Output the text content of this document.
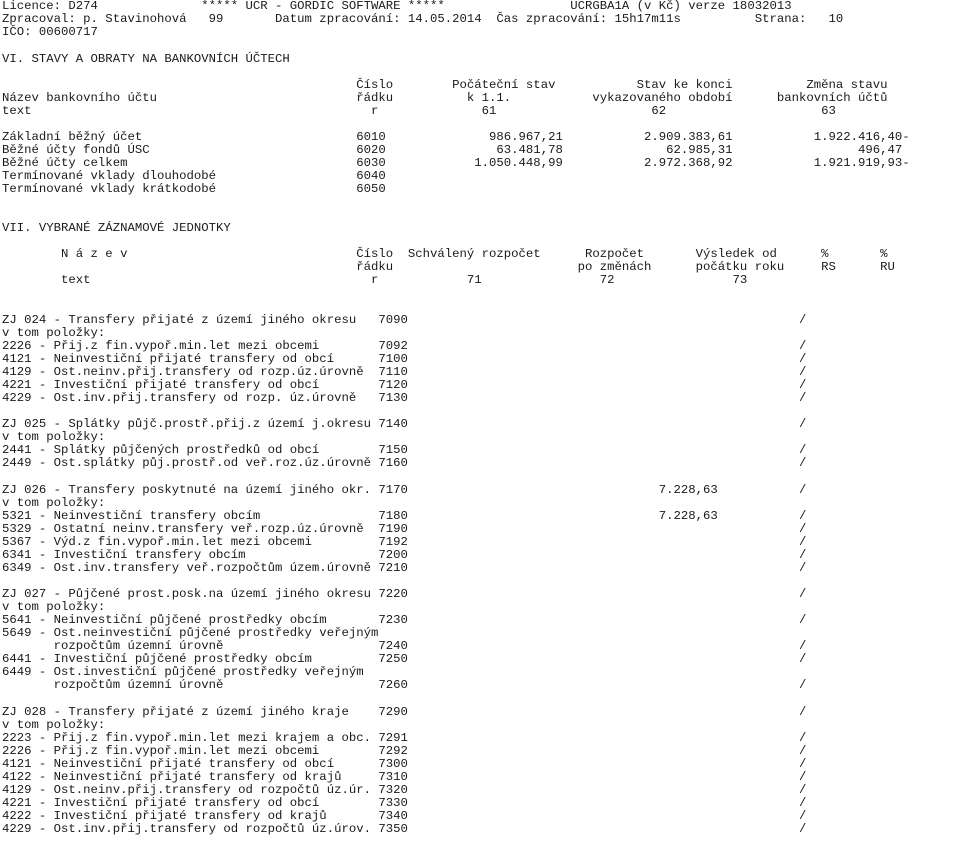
Licence: D274              ***** UCR - GORDIC SOFTWARE *****                 UCRGBA1A (v Kč) verze 18032013
Zpracoval: p. Stavinohová   99       Datum zpracování: 14.05.2014  Čas zpracování: 15h17m11s          Strana:   10
IČO: 00600717
VI. STAVY A OBRATY NA BANKOVNÍCH ÚČTECH
Číslo        Počáteční stav           Stav ke konci          Změna stavu
Název bankovního účtu                           řádku          k 1.1.           vykazovaného období      bankovních účtů
text                                              r              61                     62                     63
Základní běžný účet                             6010              986.967,21           2.909.383,61           1.922.416,40-
Běžné účty fondů ÚSC                            6020               63.481,78              62.985,31                 496,47
Běžné účty celkem                               6030            1.050.448,99           2.972.368,92           1.921.919,93-
Termínované vklady dlouhodobé                   6040
Termínované vklady krátkodobé                   6050
VII. VYBRANÉ ZÁZNAMOVÉ JEDNOTKY
N á z e v                               Číslo  Schválený rozpočet      Rozpočet       Výsledek od      %       %
řádku                         po změnách      počátku roku     RS      RU
text                                      r            71                72                73
ZJ 024 - Transfery přijaté z území jiného okresu   7090                                                     /
v tom položky:
2226 - Přij.z fin.vypoř.min.let mezi obcemi        7092                                                     /
4121 - Neinvestiční přijaté transfery od obcí      7100                                                     /
4129 - Ost.neinv.přij.transfery od rozp.úz.úrovně  7110                                                     /
4221 - Investiční přijaté transfery od obcí        7120                                                     /
4229 - Ost.inv.přij.transfery od rozp. úz.úrovně   7130                                                     /
ZJ 025 - Splátky půjč.prostř.přij.z území j.okresu 7140                                                     /
v tom položky:
2441 - Splátky půjčených prostředků od obcí        7150                                                     /
2449 - Ost.splátky půj.prostř.od veř.roz.úz.úrovně 7160                                                     /
ZJ 026 - Transfery poskytnuté na území jiného okr. 7170                                  7.228,63           /
v tom položky:
5321 - Neinvestiční transfery obcím                7180                                  7.228,63           /
5329 - Ostatní neinv.transfery veř.rozp.úz.úrovně  7190                                                     /
5367 - Výd.z fin.vypoř.min.let mezi obcemi         7192                                                     /
6341 - Investiční transfery obcím                  7200                                                     /
6349 - Ost.inv.transfery veř.rozpočtům územ.úrovně 7210                                                     /
ZJ 027 - Půjčené prost.posk.na území jiného okresu 7220                                                     /
v tom položky:
5641 - Neinvestiční půjčené prostředky obcím       7230                                                     /
5649 - Ost.neinvestiční půjčené prostředky veřejným
rozpočtům územní úrovně                     7240                                                     /
6441 - Investiční půjčené prostředky obcím         7250                                                     /
6449 - Ost.investiční půjčené prostředky veřejným
rozpočtům územní úrovně                     7260                                                     /
ZJ 028 - Transfery přijaté z území jiného kraje    7290                                                     /
v tom položky:
2223 - Přij.z fin.vypoř.min.let mezi krajem a obc. 7291                                                     /
2226 - Přij.z fin.vypoř.min.let mezi obcemi        7292                                                     /
4121 - Neinvestiční přijaté transfery od obcí      7300                                                     /
4122 - Neinvestiční přijaté transfery od krajů     7310                                                     /
4129 - Ost.neinv.přij.transfery od rozpočtů úz.úr. 7320                                                     /
4221 - Investiční přijaté transfery od obcí        7330                                                     /
4222 - Investiční přijaté transfery od krajů       7340                                                     /
4229 - Ost.inv.přij.transfery od rozpočtů úz.úrov. 7350                                                     /
